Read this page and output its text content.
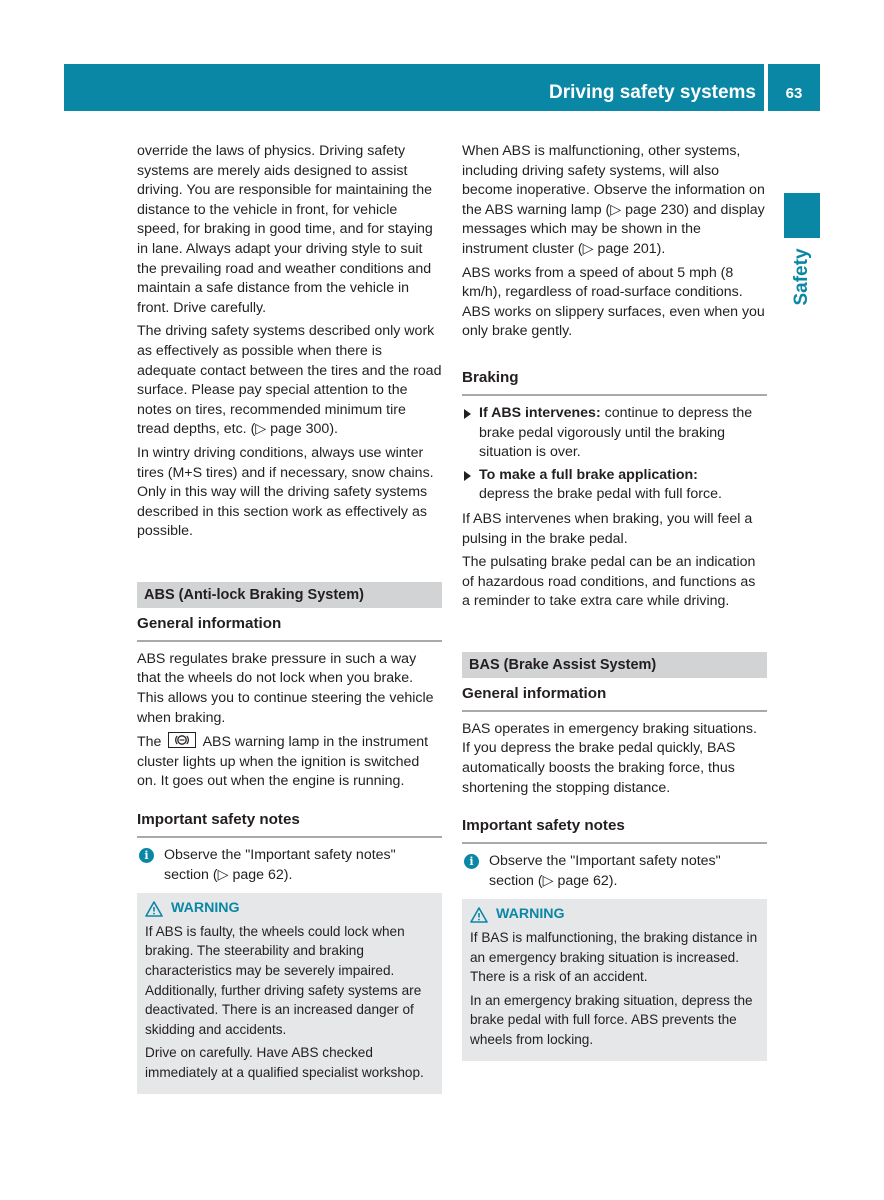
Driving safety systems	63
Safety

override the laws of physics. Driving safety systems are merely aids designed to assist driving. You are responsible for maintaining the distance to the vehicle in front, for vehicle speed, for braking in good time, and for staying in lane. Always adapt your driving style to suit the prevailing road and weather conditions and maintain a safe distance from the vehicle in front. Drive carefully.

The driving safety systems described only work as effectively as possible when there is adequate contact between the tires and the road surface. Please pay special attention to the notes on tires, recommended minimum tire tread depths, etc. (▷ page 300).

In wintry driving conditions, always use winter tires (M+S tires) and if necessary, snow chains. Only in this way will the driving safety systems described in this section work as effectively as possible.

ABS (Anti-lock Braking System)
General information

ABS regulates brake pressure in such a way that the wheels do not lock when you brake. This allows you to continue steering the vehicle when braking.

The	ABS warning lamp in the instrument cluster lights up when the ignition is switched on. It goes out when the engine is running.

Important safety notes
i	Observe the "Important safety notes" section (▷ page 62).
WARNING

If ABS is faulty, the wheels could lock when braking. The steerability and braking characteristics may be severely impaired. Additionally, further driving safety systems are deactivated. There is an increased danger of skidding and accidents.

Drive on carefully. Have ABS checked immediately at a qualified specialist workshop.

When ABS is malfunctioning, other systems, including driving safety systems, will also become inoperative. Observe the information on the ABS warning lamp (▷ page 230) and display messages which may be shown in the instrument cluster (▷ page 201).

ABS works from a speed of about 5 mph (8 km/h), regardless of road-surface conditions. ABS works on slippery surfaces, even when you only brake gently.

Braking
If ABS intervenes: continue to depress the brake pedal vigorously until the braking situation is over.
To make a full brake application:
depress the brake pedal with full force.

If ABS intervenes when braking, you will feel a pulsing in the brake pedal.

The pulsating brake pedal can be an indication of hazardous road conditions, and functions as a reminder to take extra care while driving.

BAS (Brake Assist System)
General information

BAS operates in emergency braking situations. If you depress the brake pedal quickly, BAS automatically boosts the braking force, thus shortening the stopping distance.

Important safety notes
i	Observe the "Important safety notes" section (▷ page 62).
WARNING

If BAS is malfunctioning, the braking distance in an emergency braking situation is increased. There is a risk of an accident.

In an emergency braking situation, depress the brake pedal with full force. ABS prevents the wheels from locking.
